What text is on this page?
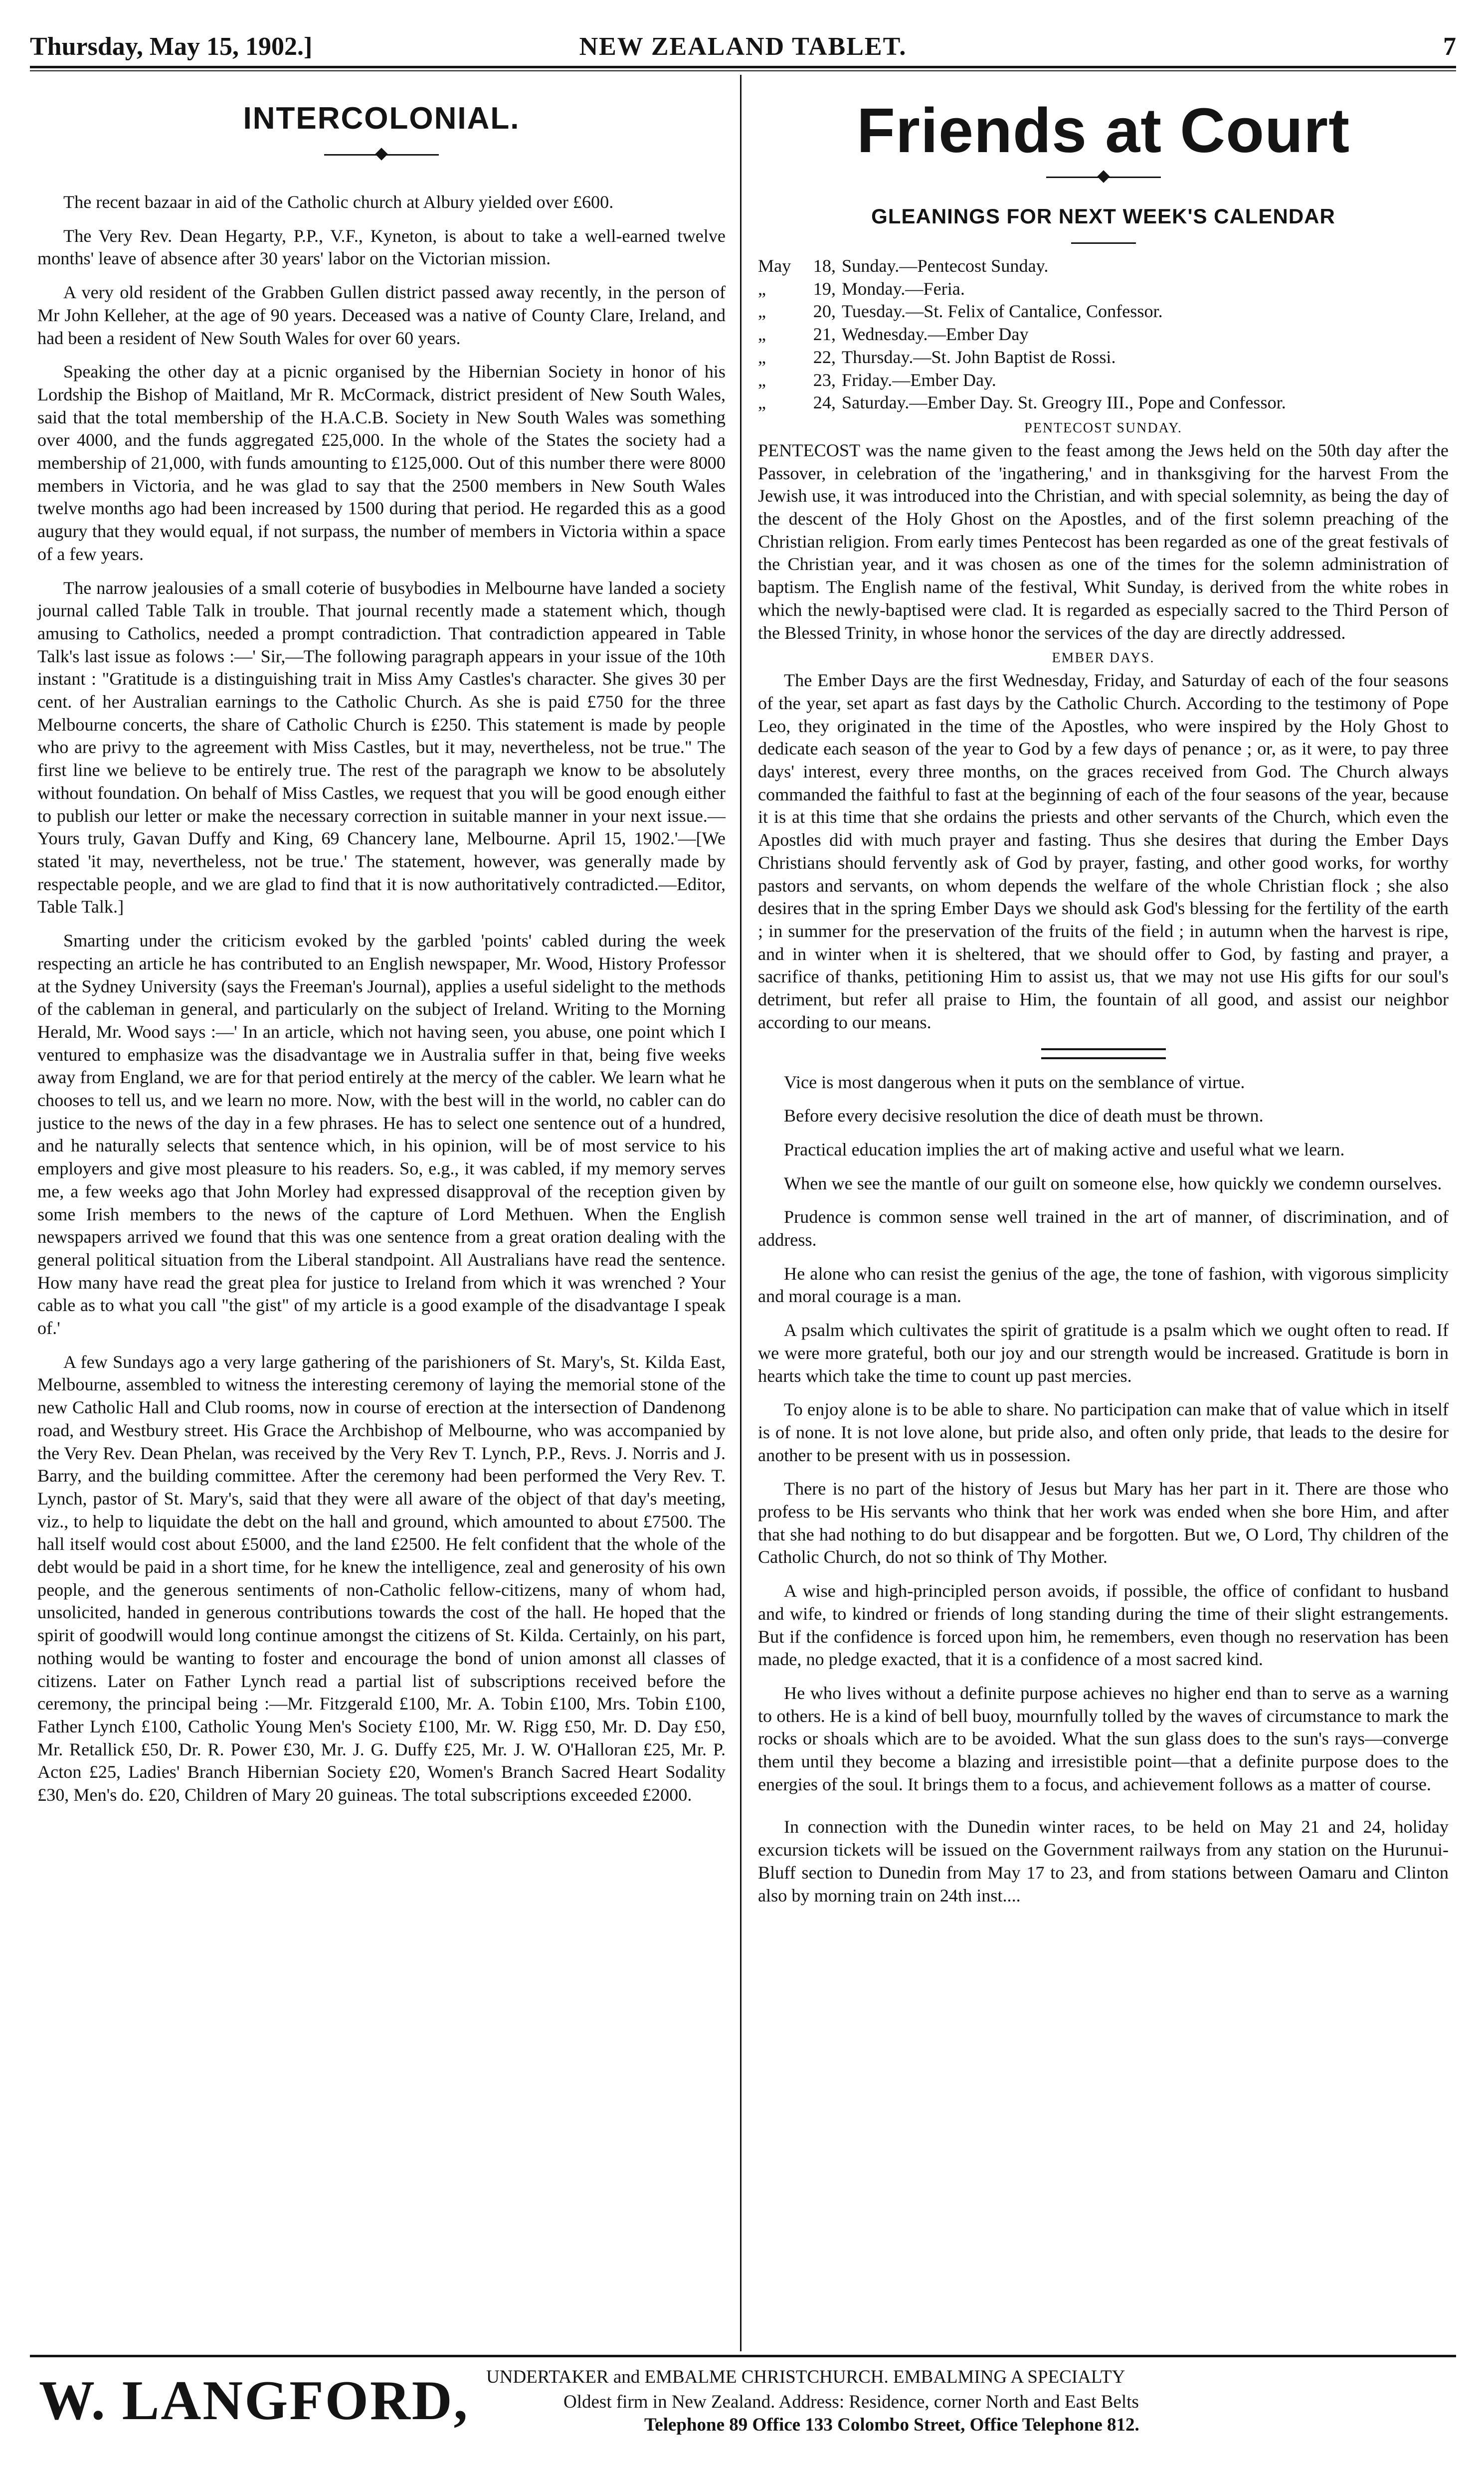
Thursday, May 15, 1902.]	NEW ZEALAND TABLET.	7
INTERCOLONIAL.

The recent bazaar in aid of the Catholic church at Albury yielded over £600.

The Very Rev. Dean Hegarty, P.P., V.F., Kyneton, is about to take a well-earned twelve months' leave of absence after 30 years' labor on the Victorian mission.

A very old resident of the Grabben Gullen district passed away recently, in the person of Mr John Kelleher, at the age of 90 years. Deceased was a native of County Clare, Ireland, and had been a resident of New South Wales for over 60 years.

Speaking the other day at a picnic organised by the Hibernian Society in honor of his Lordship the Bishop of Maitland, Mr R. McCormack, district president of New South Wales, said that the total membership of the H.A.C.B. Society in New South Wales was something over 4000, and the funds aggregated £25,000. In the whole of the States the society had a membership of 21,000, with funds amounting to £125,000. Out of this number there were 8000 members in Victoria, and he was glad to say that the 2500 members in New South Wales twelve months ago had been increased by 1500 during that period. He regarded this as a good augury that they would equal, if not surpass, the number of members in Victoria within a space of a few years.

The narrow jealousies of a small coterie of busybodies in Melbourne have landed a society journal called Table Talk in trouble. That journal recently made a statement which, though amusing to Catholics, needed a prompt contradiction. That contradiction appeared in Table Talk's last issue as folows :—' Sir,—The following paragraph appears in your issue of the 10th instant : "Gratitude is a distinguishing trait in Miss Amy Castles's character. She gives 30 per cent. of her Australian earnings to the Catholic Church. As she is paid £750 for the three Melbourne concerts, the share of Catholic Church is £250. This statement is made by people who are privy to the agreement with Miss Castles, but it may, nevertheless, not be true." The first line we believe to be entirely true. The rest of the paragraph we know to be absolutely without foundation. On behalf of Miss Castles, we request that you will be good enough either to publish our letter or make the necessary correction in suitable manner in your next issue.—Yours truly, Gavan Duffy and King, 69 Chancery lane, Melbourne. April 15, 1902.'—[We stated 'it may, nevertheless, not be true.' The statement, however, was generally made by respectable people, and we are glad to find that it is now authoritatively contradicted.—Editor, Table Talk.]

Smarting under the criticism evoked by the garbled 'points' cabled during the week respecting an article he has contributed to an English newspaper, Mr. Wood, History Professor at the Sydney University (says the Freeman's Journal), applies a useful sidelight to the methods of the cableman in general, and particularly on the subject of Ireland. Writing to the Morning Herald, Mr. Wood says :—' In an article, which not having seen, you abuse, one point which I ventured to emphasize was the disadvantage we in Australia suffer in that, being five weeks away from England, we are for that period entirely at the mercy of the cabler. We learn what he chooses to tell us, and we learn no more. Now, with the best will in the world, no cabler can do justice to the news of the day in a few phrases. He has to select one sentence out of a hundred, and he naturally selects that sentence which, in his opinion, will be of most service to his employers and give most pleasure to his readers. So, e.g., it was cabled, if my memory serves me, a few weeks ago that John Morley had expressed disapproval of the reception given by some Irish members to the news of the capture of Lord Methuen. When the English newspapers arrived we found that this was one sentence from a great oration dealing with the general political situation from the Liberal standpoint. All Australians have read the sentence. How many have read the great plea for justice to Ireland from which it was wrenched ? Your cable as to what you call "the gist" of my article is a good example of the disadvantage I speak of.'

A few Sundays ago a very large gathering of the parishioners of St. Mary's, St. Kilda East, Melbourne, assembled to witness the interesting ceremony of laying the memorial stone of the new Catholic Hall and Club rooms, now in course of erection at the intersection of Dandenong road, and Westbury street. His Grace the Archbishop of Melbourne, who was accompanied by the Very Rev. Dean Phelan, was received by the Very Rev T. Lynch, P.P., Revs. J. Norris and J. Barry, and the building committee. After the ceremony had been performed the Very Rev. T. Lynch, pastor of St. Mary's, said that they were all aware of the object of that day's meeting, viz., to help to liquidate the debt on the hall and ground, which amounted to about £7500. The hall itself would cost about £5000, and the land £2500. He felt confident that the whole of the debt would be paid in a short time, for he knew the intelligence, zeal and generosity of his own people, and the generous sentiments of non-Catholic fellow-citizens, many of whom had, unsolicited, handed in generous contributions towards the cost of the hall. He hoped that the spirit of goodwill would long continue amongst the citizens of St. Kilda. Certainly, on his part, nothing would be wanting to foster and encourage the bond of union amonst all classes of citizens. Later on Father Lynch read a partial list of subscriptions received before the ceremony, the principal being :—Mr. Fitzgerald £100, Mr. A. Tobin £100, Mrs. Tobin £100, Father Lynch £100, Catholic Young Men's Society £100, Mr. W. Rigg £50, Mr. D. Day £50, Mr. Retallick £50, Dr. R. Power £30, Mr. J. G. Duffy £25, Mr. J. W. O'Halloran £25, Mr. P. Acton £25, Ladies' Branch Hibernian Society £20, Women's Branch Sacred Heart Sodality £30, Men's do. £20, Children of Mary 20 guineas. The total subscriptions exceeded £2000.

Friends at Court
GLEANINGS FOR NEXT WEEK'S CALENDAR
May	18, Sunday.—Pentecost Sunday.
„	19, Monday.—Feria.
„	20, Tuesday.—St. Felix of Cantalice, Confessor.
„	21, Wednesday.—Ember Day
„	22, Thursday.—St. John Baptist de Rossi.
„	23, Friday.—Ember Day.
„	24, Saturday.—Ember Day. St. Greogry III., Pope and Confessor.
PENTECOST SUNDAY.

PENTECOST was the name given to the feast among the Jews held on the 50th day after the Passover, in celebration of the 'ingathering,' and in thanksgiving for the harvest From the Jewish use, it was introduced into the Christian, and with special solemnity, as being the day of the descent of the Holy Ghost on the Apostles, and of the first solemn preaching of the Christian religion. From early times Pentecost has been regarded as one of the great festivals of the Christian year, and it was chosen as one of the times for the solemn administration of baptism. The English name of the festival, Whit Sunday, is derived from the white robes in which the newly-baptised were clad. It is regarded as especially sacred to the Third Person of the Blessed Trinity, in whose honor the services of the day are directly addressed.

EMBER DAYS.

The Ember Days are the first Wednesday, Friday, and Saturday of each of the four seasons of the year, set apart as fast days by the Catholic Church. According to the testimony of Pope Leo, they originated in the time of the Apostles, who were inspired by the Holy Ghost to dedicate each season of the year to God by a few days of penance ; or, as it were, to pay three days' interest, every three months, on the graces received from God. The Church always commanded the faithful to fast at the beginning of each of the four seasons of the year, because it is at this time that she ordains the priests and other servants of the Church, which even the Apostles did with much prayer and fasting. Thus she desires that during the Ember Days Christians should fervently ask of God by prayer, fasting, and other good works, for worthy pastors and servants, on whom depends the welfare of the whole Christian flock ; she also desires that in the spring Ember Days we should ask God's blessing for the fertility of the earth ; in summer for the preservation of the fruits of the field ; in autumn when the harvest is ripe, and in winter when it is sheltered, that we should offer to God, by fasting and prayer, a sacrifice of thanks, petitioning Him to assist us, that we may not use His gifts for our soul's detriment, but refer all praise to Him, the fountain of all good, and assist our neighbor according to our means.

Vice is most dangerous when it puts on the semblance of virtue.

Before every decisive resolution the dice of death must be thrown.

Practical education implies the art of making active and useful what we learn.

When we see the mantle of our guilt on someone else, how quickly we condemn ourselves.

Prudence is common sense well trained in the art of manner, of discrimination, and of address.

He alone who can resist the genius of the age, the tone of fashion, with vigorous simplicity and moral courage is a man.

A psalm which cultivates the spirit of gratitude is a psalm which we ought often to read. If we were more grateful, both our joy and our strength would be increased. Gratitude is born in hearts which take the time to count up past mercies.

To enjoy alone is to be able to share. No participation can make that of value which in itself is of none. It is not love alone, but pride also, and often only pride, that leads to the desire for another to be present with us in possession.

There is no part of the history of Jesus but Mary has her part in it. There are those who profess to be His servants who think that her work was ended when she bore Him, and after that she had nothing to do but disappear and be forgotten. But we, O Lord, Thy children of the Catholic Church, do not so think of Thy Mother.

A wise and high-principled person avoids, if possible, the office of confidant to husband and wife, to kindred or friends of long standing during the time of their slight estrangements. But if the confidence is forced upon him, he remembers, even though no reservation has been made, no pledge exacted, that it is a confidence of a most sacred kind.

He who lives without a definite purpose achieves no higher end than to serve as a warning to others. He is a kind of bell buoy, mournfully tolled by the waves of circumstance to mark the rocks or shoals which are to be avoided. What the sun glass does to the sun's rays—converge them until they become a blazing and irresistible point—that a definite purpose does to the energies of the soul. It brings them to a focus, and achievement follows as a matter of course.

In connection with the Dunedin winter races, to be held on May 21 and 24, holiday excursion tickets will be issued on the Government railways from any station on the Hurunui-Bluff section to Dunedin from May 17 to 23, and from stations between Oamaru and Clinton also by morning train on 24th inst....

W. LANGFORD, UNDERTAKER and EMBALME CHRISTCHURCH. EMBALMING A SPECIALTY
Oldest firm in New Zealand. Address: Residence, corner North and East Belts
Telephone 89 Office 133 Colombo Street, Office Telephone 812.
